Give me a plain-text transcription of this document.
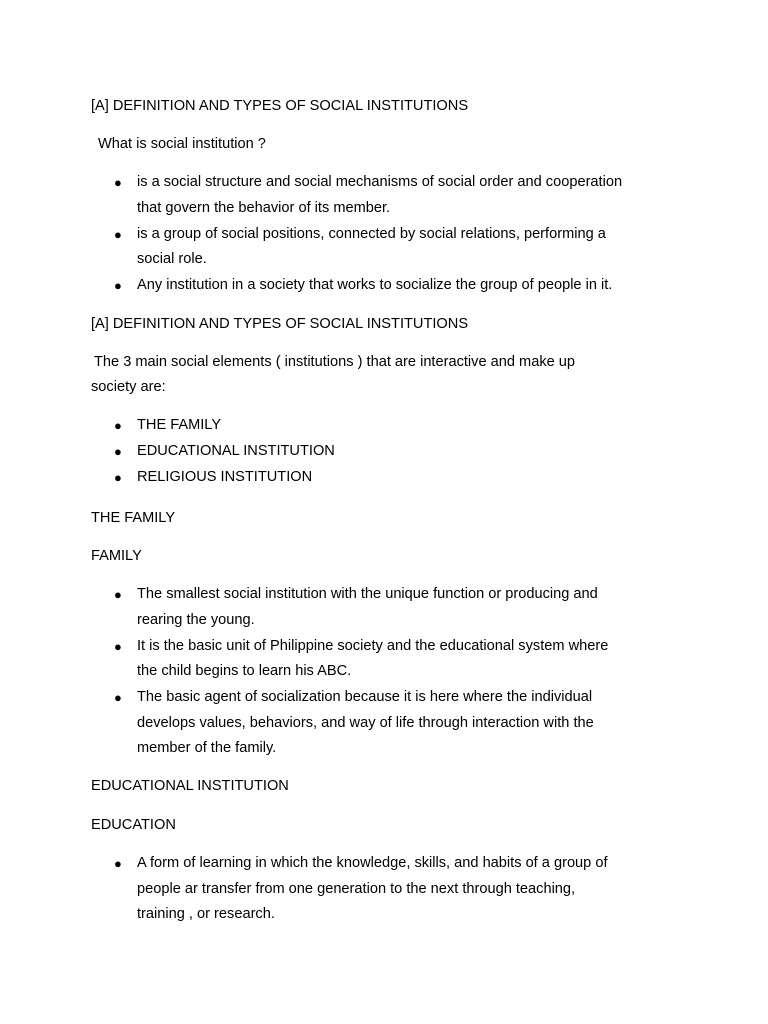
[A] DEFINITION AND TYPES OF SOCIAL INSTITUTIONS
What is social institution ?
● is a social structure and social mechanisms of social order and cooperation
that govern the behavior of its member.
● is a group of social positions, connected by social relations, performing a
social role.
● Any institution in a society that works to socialize the group of people in it.
[A] DEFINITION AND TYPES OF SOCIAL INSTITUTIONS
The 3 main social elements ( institutions ) that are interactive and make up
society are:
● THE FAMILY
● EDUCATIONAL INSTITUTION
● RELIGIOUS INSTITUTION
THE FAMILY
FAMILY
● The smallest social institution with the unique function or producing and
rearing the young.
● It is the basic unit of Philippine society and the educational system where
the child begins to learn his ABC.
● The basic agent of socialization because it is here where the individual
develops values, behaviors, and way of life through interaction with the
member of the family.
EDUCATIONAL INSTITUTION
EDUCATION
● A form of learning in which the knowledge, skills, and habits of a group of
people ar transfer from one generation to the next through teaching,
training , or research.
